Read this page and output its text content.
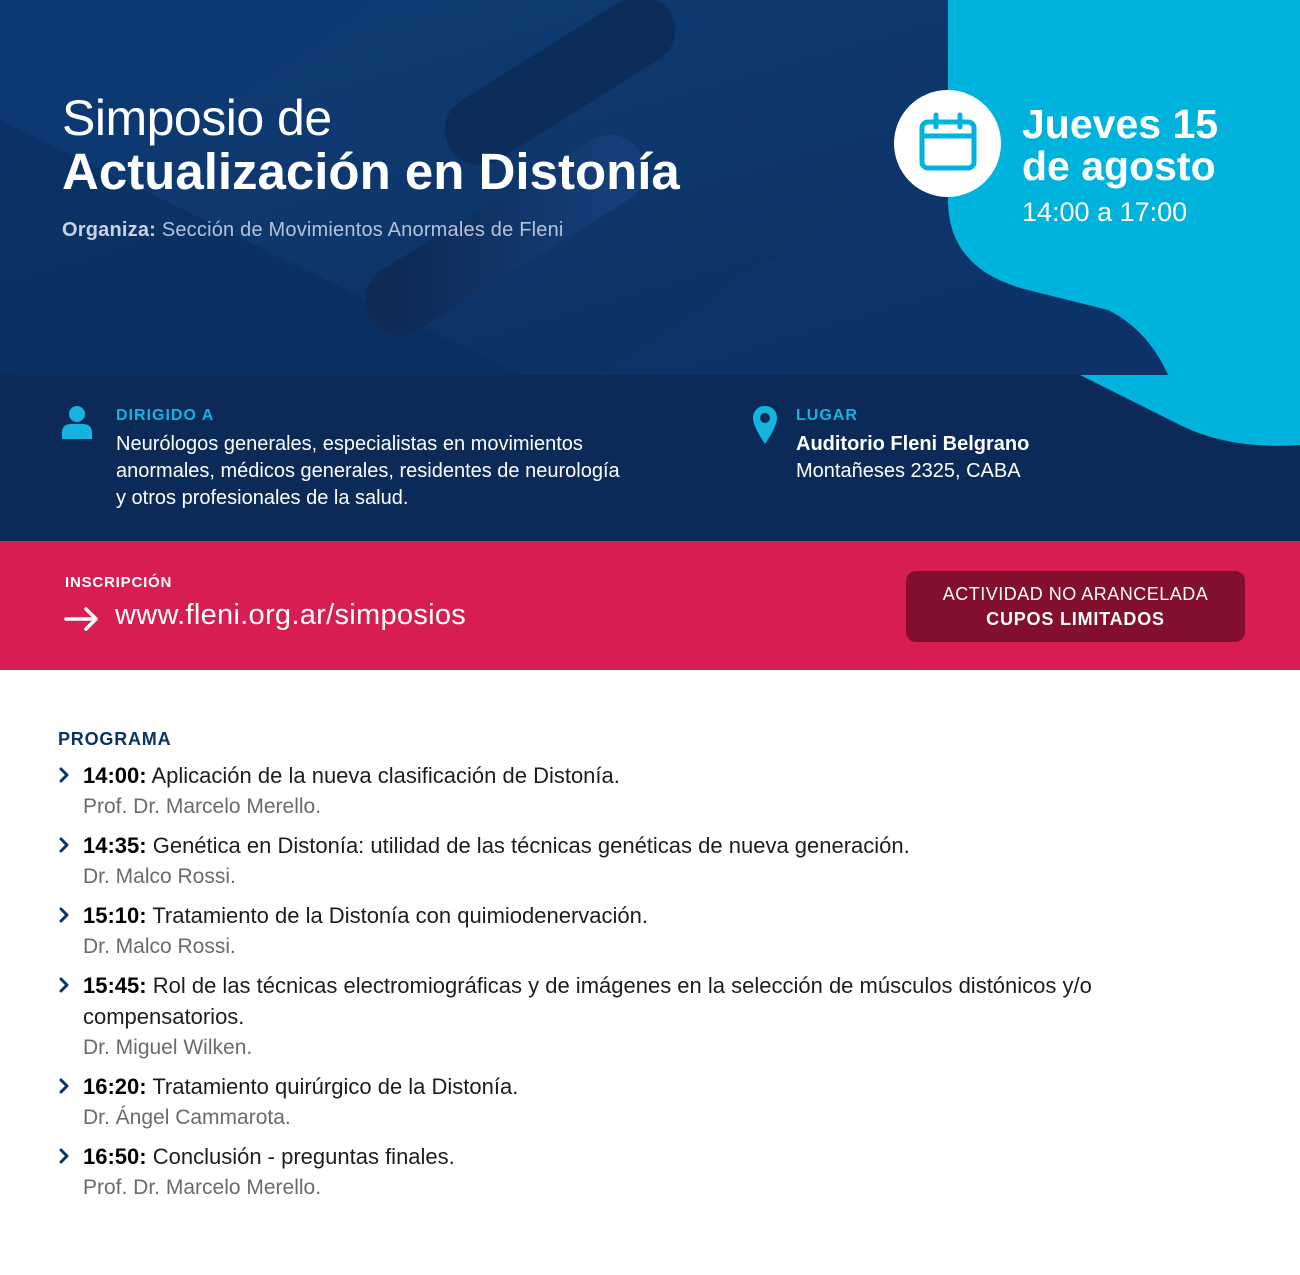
Simposio de
Actualización en Distonía
Organiza: Sección de Movimientos Anormales de Fleni
Jueves 15
de agosto
14:00 a 17:00
DIRIGIDO A
Neurólogos generales, especialistas en movimientos
anormales, médicos generales, residentes de neurología
y otros profesionales de la salud.
LUGAR
Auditorio Fleni Belgrano
Montañeses 2325, CABA
INSCRIPCIÓN
www.fleni.org.ar/simposios
ACTIVIDAD NO ARANCELADA
CUPOS LIMITADOS
PROGRAMA
14:00: Aplicación de la nueva clasificación de Distonía.
Prof. Dr. Marcelo Merello.
14:35: Genética en Distonía: utilidad de las técnicas genéticas de nueva generación.
Dr. Malco Rossi.
15:10: Tratamiento de la Distonía con quimiodenervación.
Dr. Malco Rossi.
15:45: Rol de las técnicas electromiográficas y de imágenes en la selección de músculos distónicos y/o compensatorios.
Dr. Miguel Wilken.
16:20: Tratamiento quirúrgico de la Distonía.
Dr. Ángel Cammarota.
16:50: Conclusión - preguntas finales.
Prof. Dr. Marcelo Merello.
